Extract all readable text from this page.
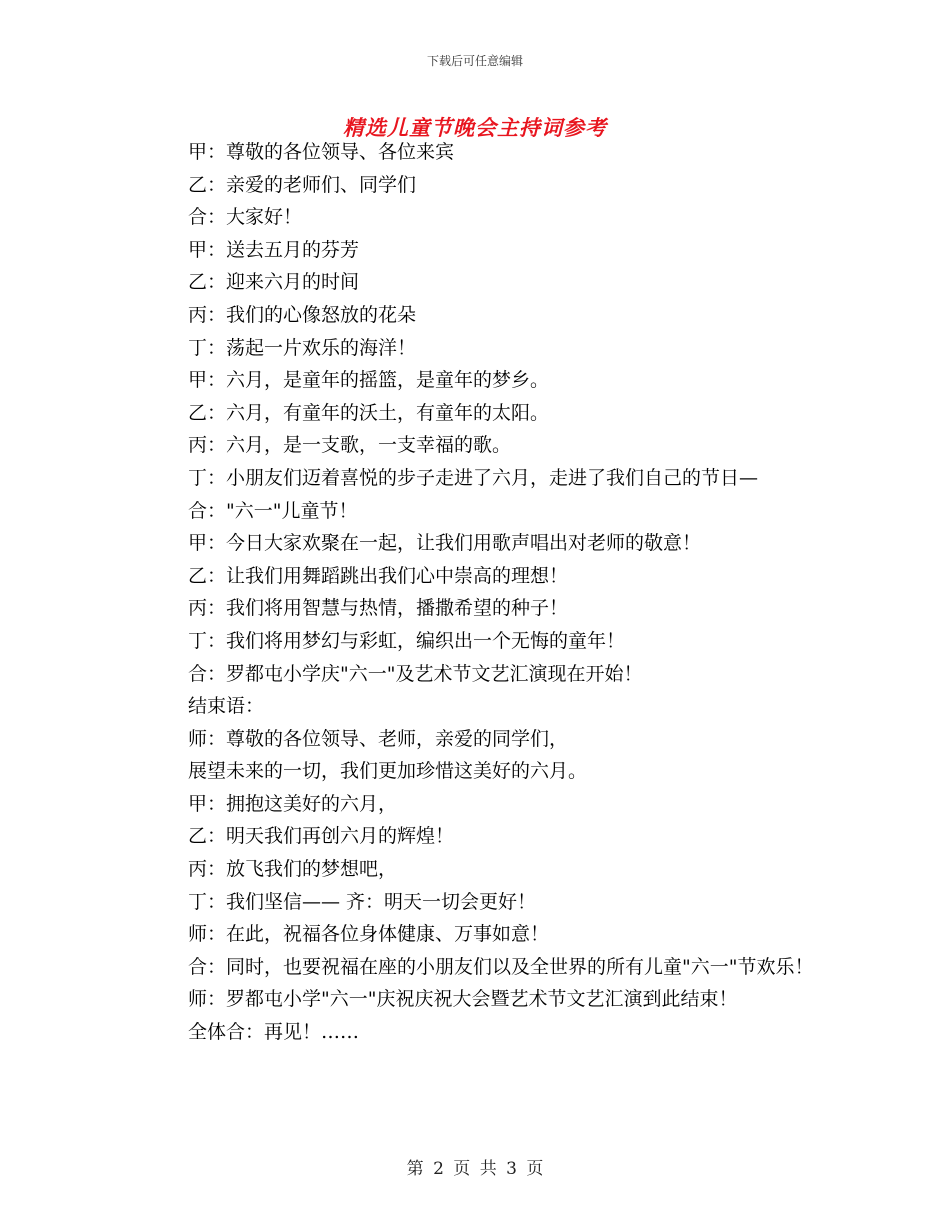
下载后可任意编辑
精选儿童节晚会主持词参考

甲：尊敬的各位领导、各位来宾

乙：亲爱的老师们、同学们

合：大家好！

甲：送去五月的芬芳

乙：迎来六月的时间

丙：我们的心像怒放的花朵

丁：荡起一片欢乐的海洋！

甲：六月，是童年的摇篮，是童年的梦乡。

乙：六月，有童年的沃土，有童年的太阳。

丙：六月，是一支歌，一支幸福的歌。

丁：小朋友们迈着喜悦的步子走进了六月，走进了我们自己的节日—

合："六一"儿童节！

甲：今日大家欢聚在一起，让我们用歌声唱出对老师的敬意！

乙：让我们用舞蹈跳出我们心中崇高的理想！

丙：我们将用智慧与热情，播撒希望的种子！

丁：我们将用梦幻与彩虹，编织出一个无悔的童年！

合：罗都屯小学庆"六一"及艺术节文艺汇演现在开始！

结束语：

师：尊敬的各位领导、老师，亲爱的同学们，

展望未来的一切，我们更加珍惜这美好的六月。

甲：拥抱这美好的六月，

乙：明天我们再创六月的辉煌！

丙：放飞我们的梦想吧，

丁：我们坚信—— 齐：明天一切会更好！

师：在此，祝福各位身体健康、万事如意！

合：同时，也要祝福在座的小朋友们以及全世界的所有儿童"六一"节欢乐！

师：罗都屯小学"六一"庆祝庆祝大会暨艺术节文艺汇演到此结束！

全体合：再见！……

第 2 页 共 3 页
